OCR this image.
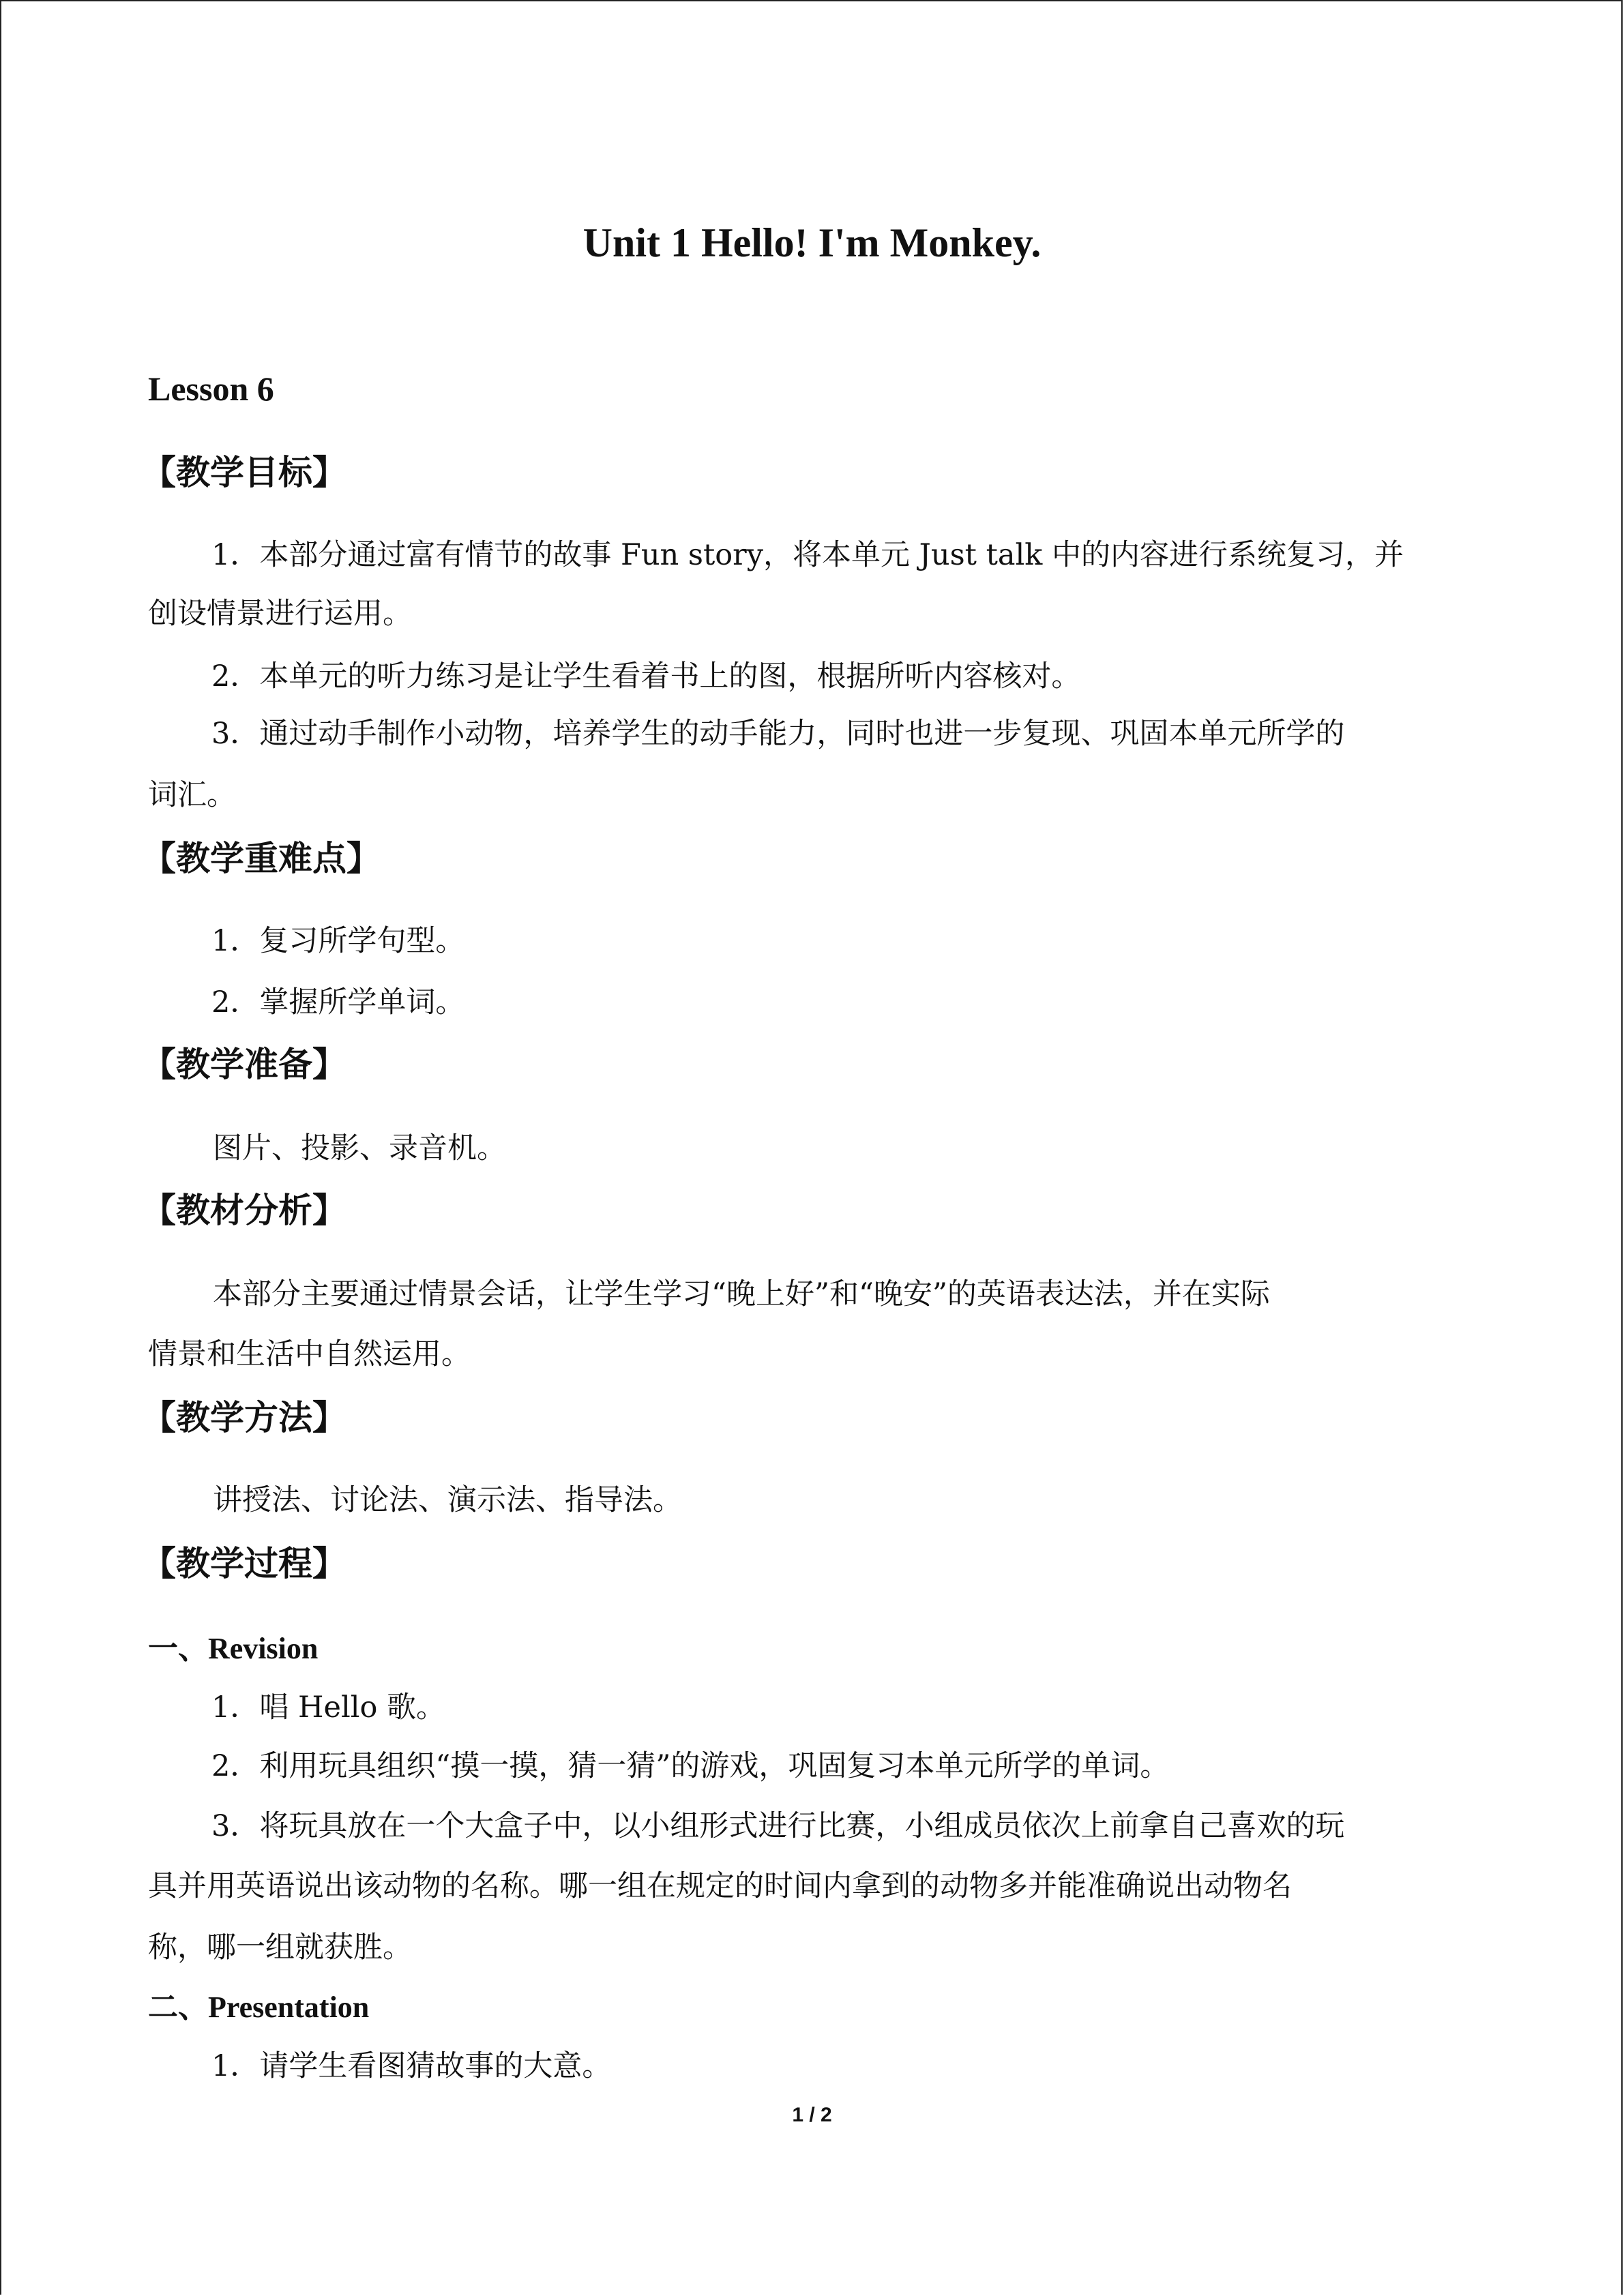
Unit 1 Hello! I'm Monkey.
Lesson 6
【教学目标】

1．本部分通过富有情节的故事 Fun story，将本单元 Just talk 中的内容进行系统复习，并

创设情景进行运用。

2．本单元的听力练习是让学生看着书上的图，根据所听内容核对。

3．通过动手制作小动物，培养学生的动手能力，同时也进一步复现、巩固本单元所学的

词汇。

【教学重难点】

1．复习所学句型。

2．掌握所学单词。

【教学准备】

图片、投影、录音机。

【教材分析】

本部分主要通过情景会话，让学生学习“晚上好”和“晚安”的英语表达法，并在实际

情景和生活中自然运用。

【教学方法】

讲授法、讨论法、演示法、指导法。

【教学过程】
一、Revision

1．唱 Hello 歌。

2．利用玩具组织“摸一摸，猜一猜”的游戏，巩固复习本单元所学的单词。

3．将玩具放在一个大盒子中，以小组形式进行比赛，小组成员依次上前拿自己喜欢的玩

具并用英语说出该动物的名称。哪一组在规定的时间内拿到的动物多并能准确说出动物名

称，哪一组就获胜。

二、Presentation

1．请学生看图猜故事的大意。

1 / 2
